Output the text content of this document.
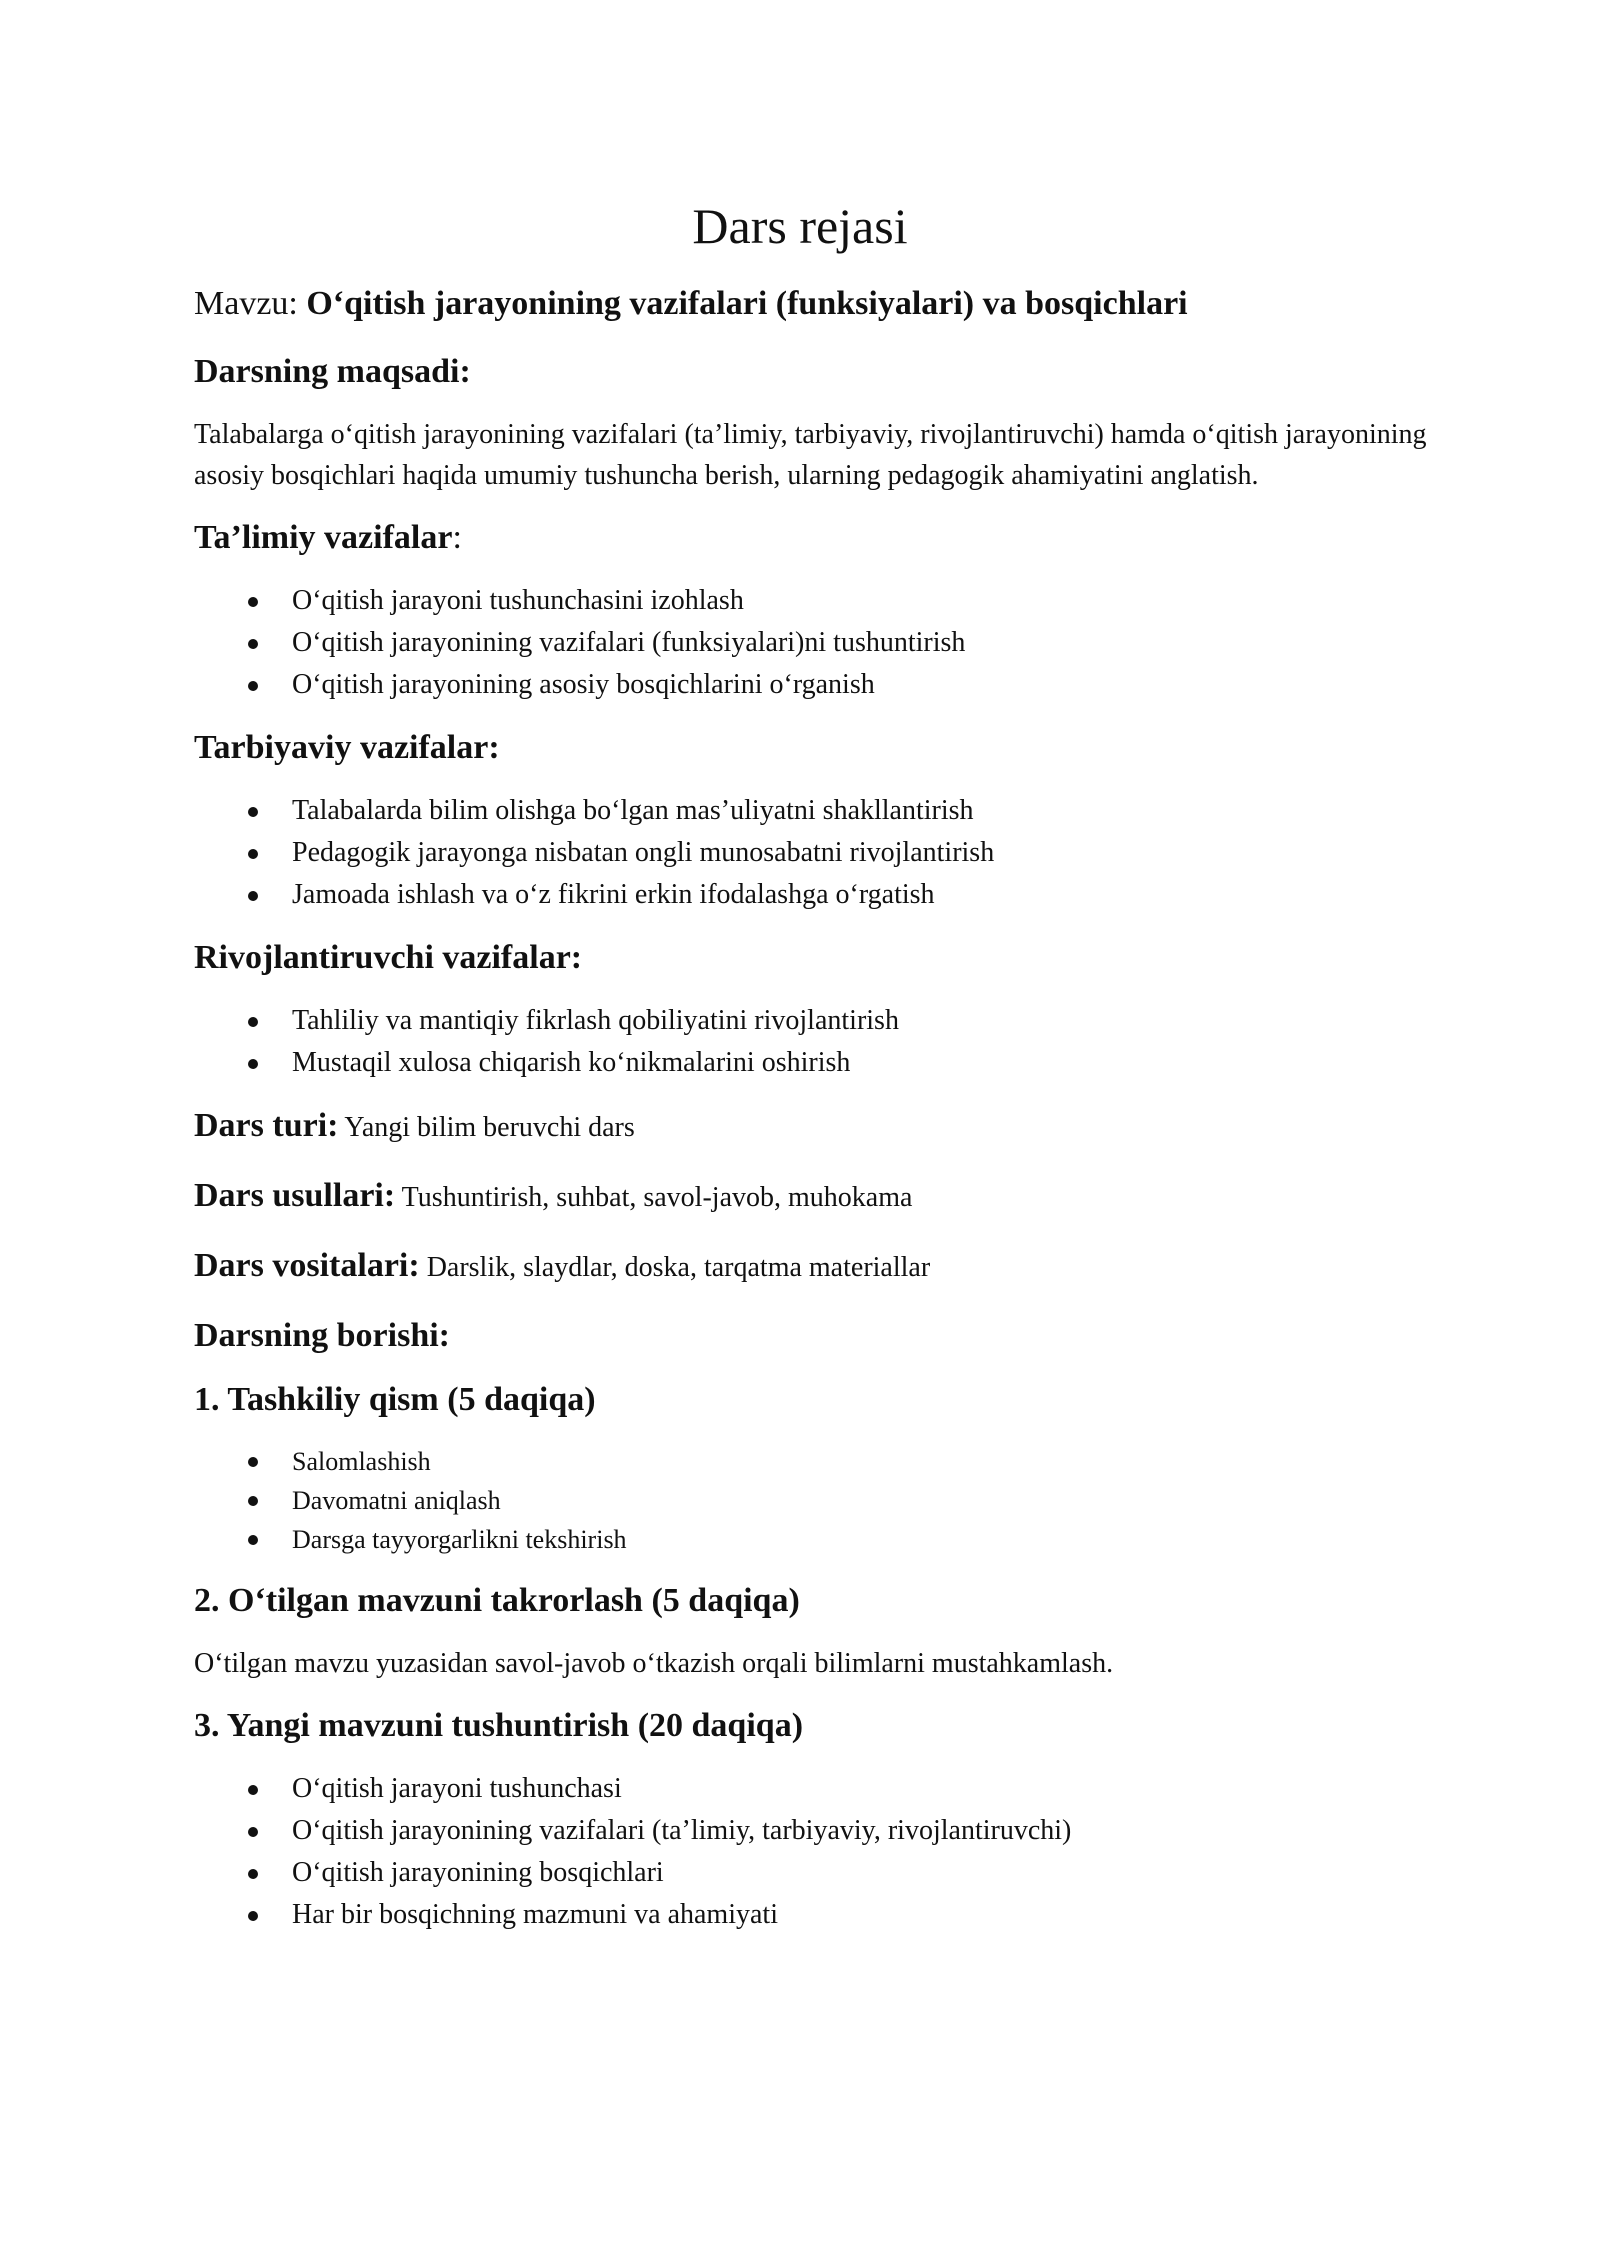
Dars rejasi
Mavzu: O‘qitish jarayonining vazifalari (funksiyalari) va bosqichlari
Darsning maqsadi:

Talabalarga o‘qitish jarayonining vazifalari (ta’limiy, tarbiyaviy, rivojlantiruvchi) hamda o‘qitish jarayonining asosiy bosqichlari haqida umumiy tushuncha berish, ularning pedagogik ahamiyatini anglatish.

Ta’limiy vazifalar:
O‘qitish jarayoni tushunchasini izohlash
O‘qitish jarayonining vazifalari (funksiyalari)ni tushuntirish
O‘qitish jarayonining asosiy bosqichlarini o‘rganish
Tarbiyaviy vazifalar:
Talabalarda bilim olishga bo‘lgan mas’uliyatni shakllantirish
Pedagogik jarayonga nisbatan ongli munosabatni rivojlantirish
Jamoada ishlash va o‘z fikrini erkin ifodalashga o‘rgatish
Rivojlantiruvchi vazifalar:
Tahliliy va mantiqiy fikrlash qobiliyatini rivojlantirish
Mustaqil xulosa chiqarish ko‘nikmalarini oshirish
Dars turi: Yangi bilim beruvchi dars
Dars usullari: Tushuntirish, suhbat, savol-javob, muhokama
Dars vositalari: Darslik, slaydlar, doska, tarqatma materiallar
Darsning borishi:
1. Tashkiliy qism (5 daqiqa)
Salomlashish
Davomatni aniqlash
Darsga tayyorgarlikni tekshirish
2. O‘tilgan mavzuni takrorlash (5 daqiqa)

O‘tilgan mavzu yuzasidan savol-javob o‘tkazish orqali bilimlarni mustahkamlash.

3. Yangi mavzuni tushuntirish (20 daqiqa)
O‘qitish jarayoni tushunchasi
O‘qitish jarayonining vazifalari (ta’limiy, tarbiyaviy, rivojlantiruvchi)
O‘qitish jarayonining bosqichlari
Har bir bosqichning mazmuni va ahamiyati
